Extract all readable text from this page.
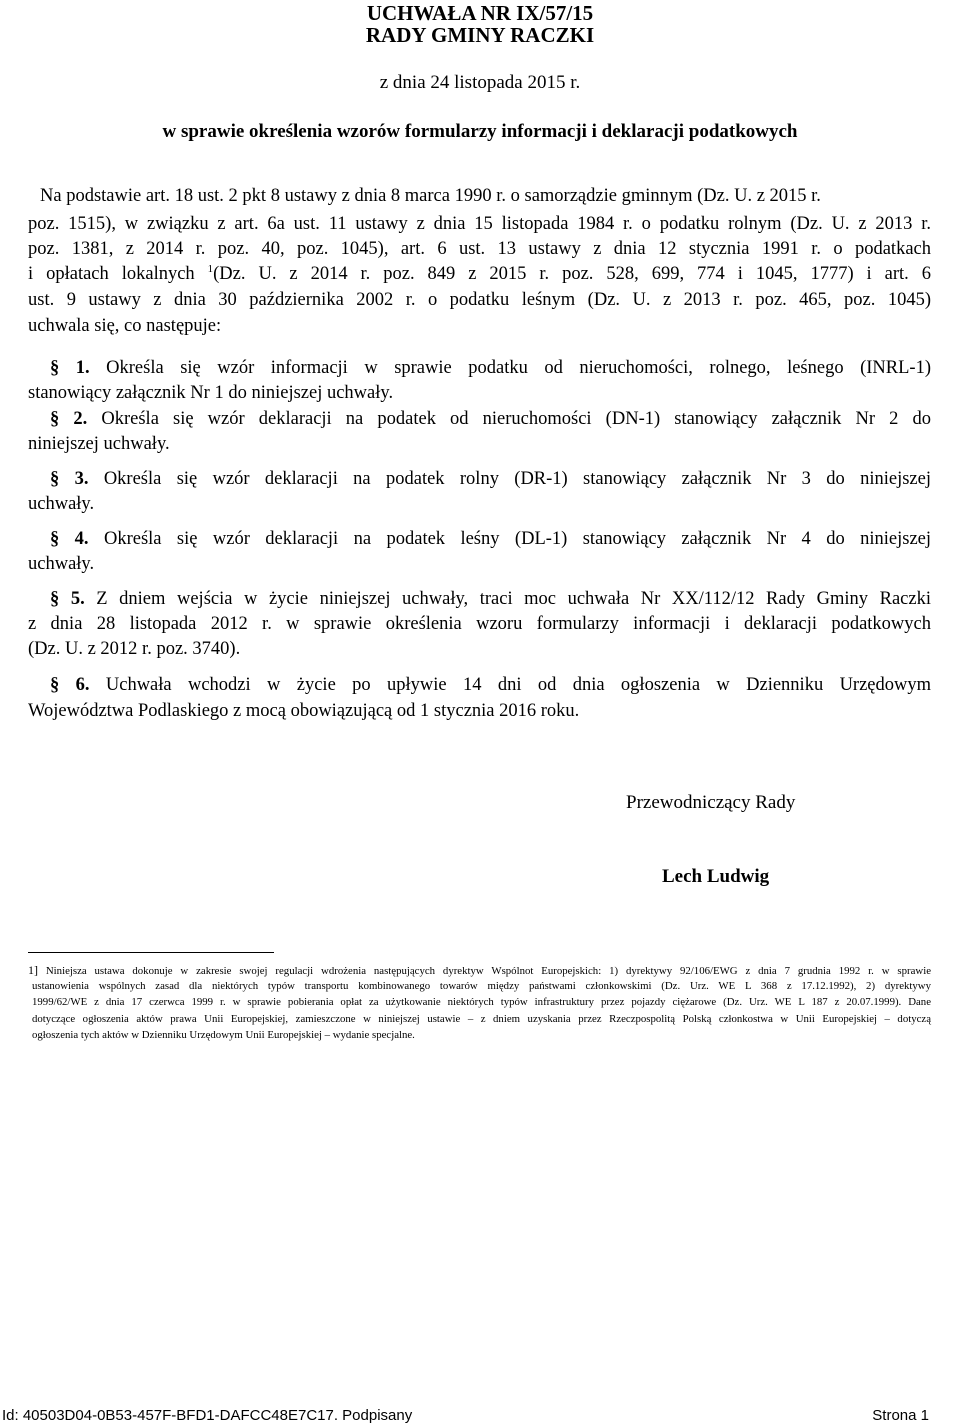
UCHWAŁA NR IX/57/15
RADY GMINY RACZKI
z dnia 24 listopada 2015 r.
w sprawie określenia wzorów formularzy informacji i deklaracji podatkowych
Na podstawie art. 18 ust. 2 pkt 8 ustawy z dnia 8 marca 1990 r. o samorządzie gminnym (Dz. U. z 2015 r.
poz. 1515), w związku z art. 6a ust. 11 ustawy z dnia 15 listopada 1984 r. o podatku rolnym (Dz. U. z 2013 r.
poz. 1381, z 2014 r. poz. 40, poz. 1045), art. 6 ust. 13 ustawy z dnia 12 stycznia 1991 r. o podatkach
i opłatach lokalnych $^1$(Dz. U. z 2014 r. poz. 849 z 2015 r. poz. 528, 699, 774 i 1045, 1777) i art. 6
ust. 9 ustawy z dnia 30 października 2002 r. o podatku leśnym (Dz. U. z 2013 r. poz. 465, poz. 1045)
uchwala się, co następuje:
§ 1. Określa się wzór informacji w sprawie podatku od nieruchomości, rolnego, leśnego (INRL-1)
stanowiący załącznik Nr 1 do niniejszej uchwały.
§ 2. Określa się wzór deklaracji na podatek od nieruchomości (DN-1) stanowiący załącznik Nr 2 do
niniejszej uchwały.
§ 3. Określa się wzór deklaracji na podatek rolny (DR-1) stanowiący załącznik Nr 3 do niniejszej
uchwały.
§ 4. Określa się wzór deklaracji na podatek leśny (DL-1) stanowiący załącznik Nr 4 do niniejszej
uchwały.
§ 5. Z dniem wejścia w życie niniejszej uchwały, traci moc uchwała Nr XX/112/12 Rady Gminy Raczki
z dnia 28 listopada 2012 r. w sprawie określenia wzoru formularzy informacji i deklaracji podatkowych
(Dz. U. z 2012 r. poz. 3740).
§ 6. Uchwała wchodzi w życie po upływie 14 dni od dnia ogłoszenia w Dzienniku Urzędowym
Województwa Podlaskiego z mocą obowiązującą od 1 stycznia 2016 roku.
Przewodniczący Rady
Lech Ludwig
1] Niniejsza ustawa dokonuje w zakresie swojej regulacji wdrożenia następujących dyrektyw Wspólnot Europejskich: 1) dyrektywy 92/106/EWG z dnia 7 grudnia 1992 r. w sprawie
ustanowienia wspólnych zasad dla niektórych typów transportu kombinowanego towarów między państwami członkowskimi (Dz. Urz. WE L 368 z 17.12.1992), 2) dyrektywy
1999/62/WE z dnia 17 czerwca 1999 r. w sprawie pobierania opłat za użytkowanie niektórych typów infrastruktury przez pojazdy ciężarowe (Dz. Urz. WE L 187 z 20.07.1999). Dane
dotyczące ogłoszenia aktów prawa Unii Europejskiej, zamieszczone w niniejszej ustawie – z dniem uzyskania przez Rzeczpospolitą Polską członkostwa w Unii Europejskiej – dotyczą
ogłoszenia tych aktów w Dzienniku Urzędowym Unii Europejskiej – wydanie specjalne.
Id: 40503D04-0B53-457F-BFD1-DAFCC48E7C17. Podpisany	Strona 1
